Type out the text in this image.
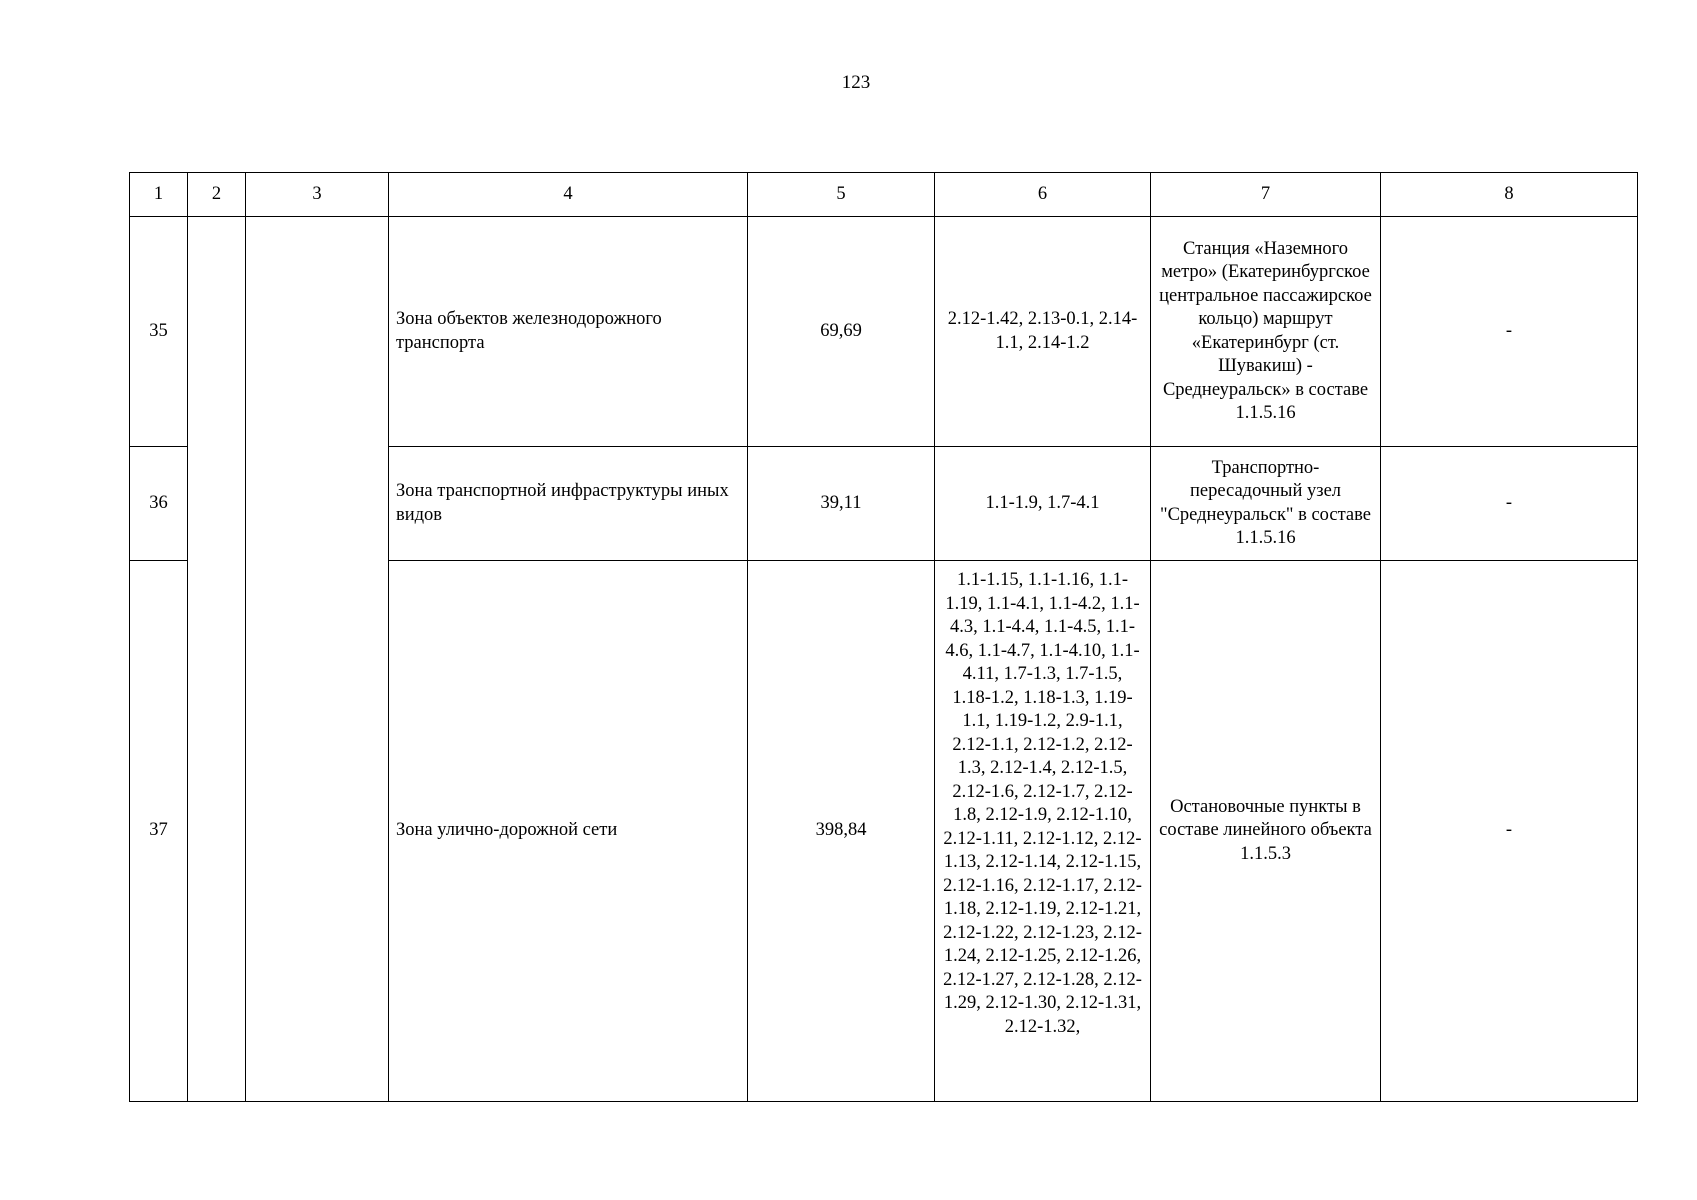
123
1	2	3	4	5	6	7	8
35			Зона объектов железнодорожного транспорта	69,69	2.12-1.42, 2.13-0.1, 2.14-1.1, 2.14-1.2	Станция «Наземного метро» (Екатеринбургское центральное пассажирское кольцо) маршрут «Екатеринбург (ст. Шувакиш) - Среднеуральск» в составе 1.1.5.16	-
36			Зона транспортной инфраструктуры иных видов	39,11	1.1-1.9, 1.7-4.1	Транспортно-пересадочный узел "Среднеуральск" в составе 1.1.5.16	-
37			Зона улично-дорожной сети	398,84	1.1-1.15, 1.1-1.16, 1.1-1.19, 1.1-4.1, 1.1-4.2, 1.1-4.3, 1.1-4.4, 1.1-4.5, 1.1-4.6, 1.1-4.7, 1.1-4.10, 1.1-4.11, 1.7-1.3, 1.7-1.5, 1.18-1.2, 1.18-1.3, 1.19-1.1, 1.19-1.2, 2.9-1.1, 2.12-1.1, 2.12-1.2, 2.12-1.3, 2.12-1.4, 2.12-1.5, 2.12-1.6, 2.12-1.7, 2.12-1.8, 2.12-1.9, 2.12-1.10, 2.12-1.11, 2.12-1.12, 2.12-1.13, 2.12-1.14, 2.12-1.15, 2.12-1.16, 2.12-1.17, 2.12-1.18, 2.12-1.19, 2.12-1.21, 2.12-1.22, 2.12-1.23, 2.12-1.24, 2.12-1.25, 2.12-1.26, 2.12-1.27, 2.12-1.28, 2.12-1.29, 2.12-1.30, 2.12-1.31, 2.12-1.32,	Остановочные пункты в составе линейного объекта 1.1.5.3	-
